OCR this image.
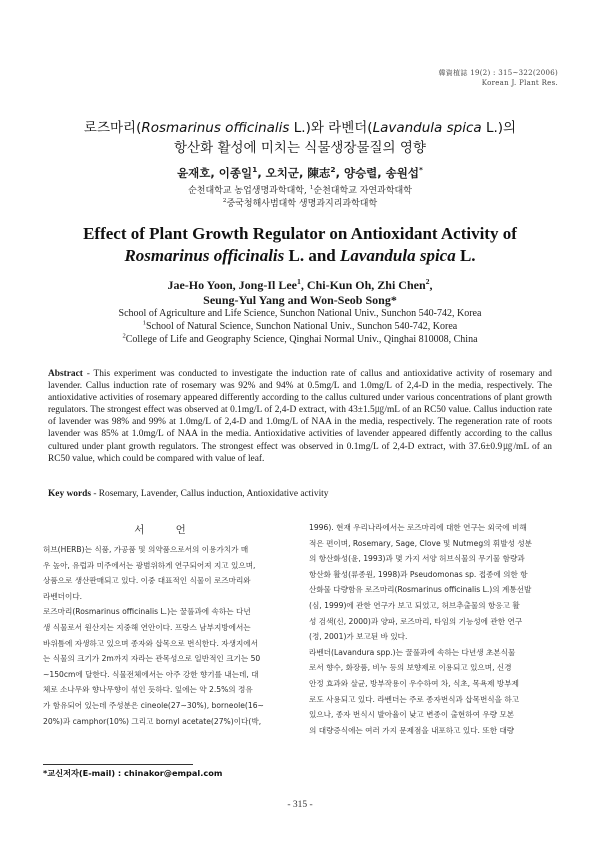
韓資植誌 19(2) : 315~322(2006)
Korean J. Plant Res.
로즈마리(Rosmarinus officinalis L.)와 라벤더(Lavandula spica L.)의
항산화 활성에 미치는 식물생장물질의 영향
윤재호, 이종일$^1$, 오치군, 陳志$^2$, 양승렬, 송원섭*
순천대학교 농업생명과학대학, $^1$순천대학교 자연과학대학
$^2$중국청해사범대학 생명과지리과학대학
Effect of Plant Growth Regulator on Antioxidant Activity of
Rosmarinus officinalis L. and Lavandula spica L.
Jae-Ho Yoon, Jong-Il Lee$^1$, Chi-Kun Oh, Zhi Chen$^2$,
Seung-Yul Yang and Won-Seob Song*
School of Agriculture and Life Science, Sunchon National Univ., Sunchon 540-742, Korea
$^1$School of Natural Science, Sunchon National Univ., Sunchon 540-742, Korea
$^2$College of Life and Geography Science, Qinghai Normal Univ., Qinghai 810008, China
Abstract - This experiment was conducted to investigate the induction rate of callus and antioxidative activity of rosemary and lavender. Callus induction rate of rosemary was 92% and 94% at 0.5mg/L and 1.0mg/L of 2,4-D in the media, respectively. The antioxidative activities of rosemary appeared differently according to the callus cultured under various concentrations of plant growth regulators. The strongest effect was observed at 0.1mg/L of 2,4-D extract, with 43±1.5㎍/mL of an RC50 value. Callus induction rate of lavender was 98% and 99% at 1.0mg/L of 2,4-D and 1.0mg/L of NAA in the media, respectively. The regeneration rate of roots lavender was 85% at 1.0mg/L of NAA in the media. Antioxidative activities of lavender appeared diffently according to the callus cultured under plant growth regulators. The strongest effect was observed in 0.1mg/L of 2,4-D extract, with 37.6±0.9㎍/mL of an RC50 value, which could be compared with value of leaf.
Key words - Rosemary, Lavender, Callus induction, Antioxidative activity
서 언
허브(HERB)는 식품, 가공품 및 의약품으로서의 이용가치가 매
우 높아, 유럽과 미주에서는 광범위하게 연구되어져 지고 있으며,
상품으로 생산판매되고 있다. 이중 대표적인 식물이 로즈마리와
라벤더이다.
로즈마리(Rosmarinus officinalis L.)는 꿀풀과에 속하는 다년
생 식물로서 원산지는 지중해 연안이다. 프랑스 남부지방에서는
바위틈에 자생하고 있으며 종자와 삽목으로 번식한다. 자생지에서
는 식물의 크기가 2m까지 자라는 관목성으로 일반적인 크기는 50
~150cm에 달한다. 식물전체에서는 아주 강한 향기를 내는데, 대
체로 소나무와 향나무향이 섞인 듯하다. 잎에는 약 2.5%의 정유
가 함유되어 있는데 주성분은 cineole(27~30%), borneole(16~
20%)과 camphor(10%) 그리고 bornyl acetate(27%)이다(박,
1996). 현재 우리나라에서는 로즈마리에 대한 연구는 외국에 비해
적은 편이며, Rosemary, Sage, Clove 및 Nutmeg의 휘발성 성분
의 항산화성(윤, 1993)과 몇 가지 서양 허브식물의 무기물 함량과
항산화 활성(류종원, 1998)과 Pseudomonas sp. 접종에 의한 항
산화물 다량함유 로즈마리(Rosmarinus officinalis L.)의 계통선발
(심, 1999)에 관한 연구가 보고 되었고, 허브추출물의 항응고 활
성 검색(신, 2000)과 양파, 로즈마리, 타임의 기능성에 관한 연구
(정, 2001)가 보고된 바 있다.
라벤더(Lavandura spp.)는 꿀풀과에 속하는 다년생 초본식물
로서 향수, 화장품, 비누 등의 보향제로 이용되고 있으며, 신경
안정 효과와 살균, 방부작용이 우수하여 차, 식초, 목욕제 방부제
로도 사용되고 있다. 라벤더는 주로 종자번식과 삽목번식을 하고
있으나, 종자 번식시 발아율이 낮고 변종이 출현하여 우량 모본
의 대량증식에는 여러 가지 문제점을 내포하고 있다. 또한 대량
*교신저자(E-mail) : chinakor@empal.com
- 315 -
